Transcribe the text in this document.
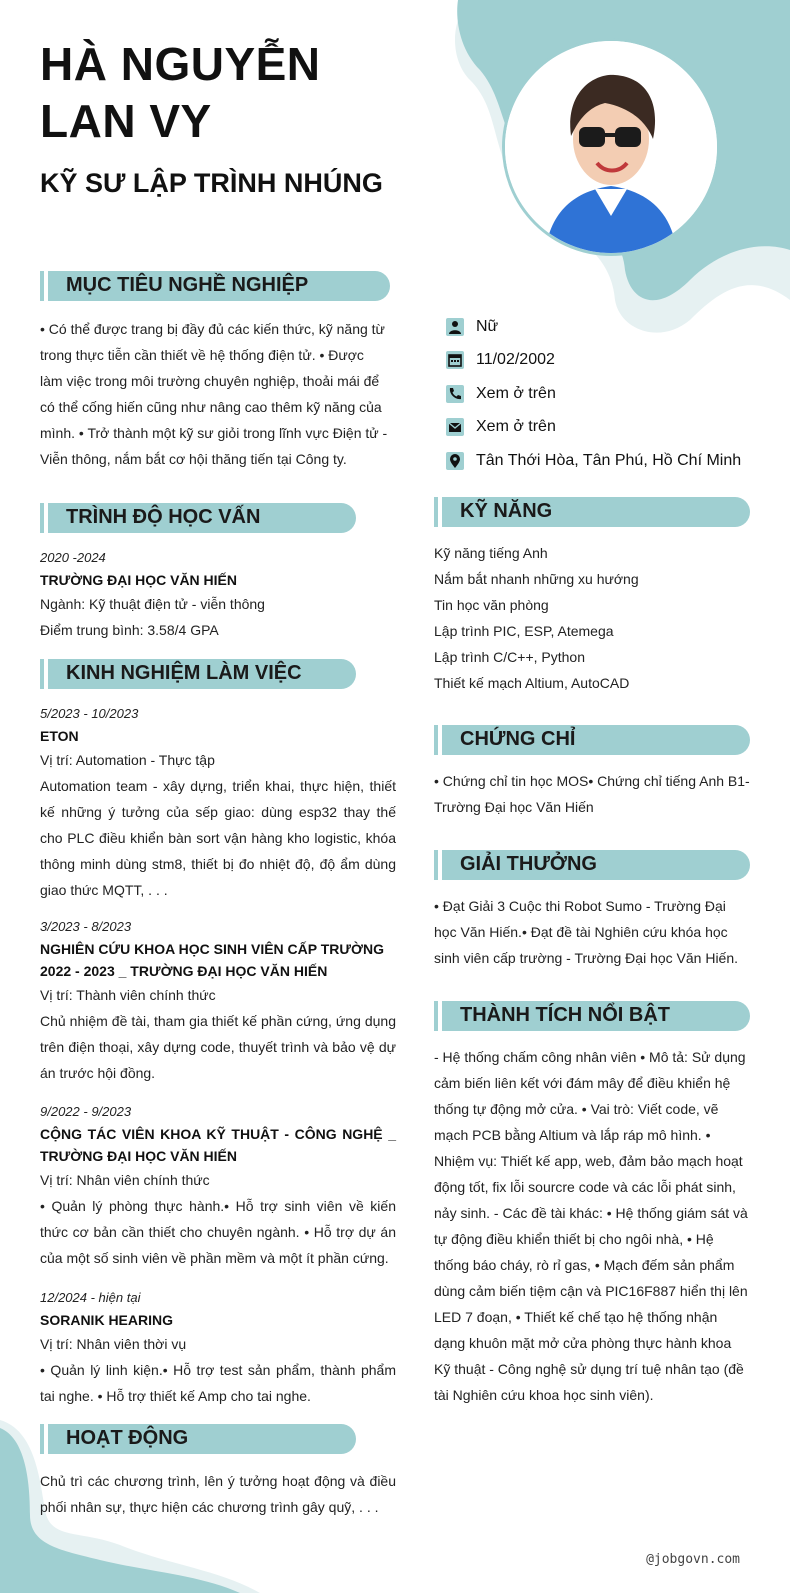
HÀ NGUYỄN LAN VY
KỸ SƯ LẬP TRÌNH NHÚNG
MỤC TIÊU NGHỀ NGHIỆP

• Có thể được trang bị đầy đủ các kiến thức, kỹ năng từ trong thực tiễn cần thiết về hệ thống điện tử. • Được làm việc trong môi trường chuyên nghiệp, thoải mái để có thể cống hiến cũng như nâng cao thêm kỹ năng của mình. • Trở thành một kỹ sư giỏi trong lĩnh vực Điện tử - Viễn thông, nắm bắt cơ hội thăng tiến tại Công ty.

TRÌNH ĐỘ HỌC VẤN
2020 -2024
TRƯỜNG ĐẠI HỌC VĂN HIẾN
Ngành: Kỹ thuật điện tử - viễn thông
Điểm trung bình: 3.58/4 GPA
KINH NGHIỆM LÀM VIỆC
5/2023 - 10/2023
ETON
Vị trí: Automation - Thực tập
Automation team - xây dựng, triển khai, thực hiện, thiết kế những ý tưởng của sếp giao: dùng esp32 thay thế cho PLC điều khiển bàn sort vận hàng kho logistic, khóa thông minh dùng stm8, thiết bị đo nhiệt độ, độ ẩm dùng giao thức MQTT, . . .
3/2023 - 8/2023
NGHIÊN CỨU KHOA HỌC SINH VIÊN CẤP TRƯỜNG 2022 - 2023 _ TRƯỜNG ĐẠI HỌC VĂN HIẾN
Vị trí: Thành viên chính thức
Chủ nhiệm đề tài, tham gia thiết kế phần cứng, ứng dụng trên điện thoại, xây dựng code, thuyết trình và bảo vệ dự án trước hội đồng.
9/2022 - 9/2023
CỘNG TÁC VIÊN KHOA KỸ THUẬT - CÔNG NGHỆ _ TRƯỜNG ĐẠI HỌC VĂN HIẾN
Vị trí: Nhân viên chính thức
• Quản lý phòng thực hành.• Hỗ trợ sinh viên về kiến thức cơ bản cần thiết cho chuyên ngành. • Hỗ trợ dự án của một số sinh viên về phần mềm và một ít phần cứng.
12/2024 - hiện tại
SORANIK HEARING
Vị trí: Nhân viên thời vụ
• Quản lý linh kiện.• Hỗ trợ test sản phẩm, thành phẩm tai nghe. • Hỗ trợ thiết kế Amp cho tai nghe.
HOẠT ĐỘNG

Chủ trì các chương trình, lên ý tưởng hoạt động và điều phối nhân sự, thực hiện các chương trình gây quỹ, . . .

Nữ
11/02/2002
Xem ở trên
Xem ở trên
Tân Thới Hòa, Tân Phú, Hồ Chí Minh
KỸ NĂNG
Kỹ năng tiếng Anh
Nắm bắt nhanh những xu hướng
Tin học văn phòng
Lập trình PIC, ESP, Atemega
Lập trình C/C++, Python
Thiết kế mạch Altium, AutoCAD
CHỨNG CHỈ

• Chứng chỉ tin học MOS• Chứng chỉ tiếng Anh B1- Trường Đại học Văn Hiến

GIẢI THƯỞNG

• Đạt Giải 3 Cuộc thi Robot Sumo - Trường Đại học Văn Hiến.• Đạt đề tài Nghiên cứu khóa học sinh viên cấp trường - Trường Đại học Văn Hiến.

THÀNH TÍCH NỔI BẬT

- Hệ thống chấm công nhân viên • Mô tả: Sử dụng cảm biến liên kết với đám mây để điều khiển hệ thống tự động mở cửa. • Vai trò: Viết code, vẽ mạch PCB bằng Altium và lắp ráp mô hình. • Nhiệm vụ: Thiết kế app, web, đảm bảo mạch hoạt động tốt, fix lỗi sourcre code và các lỗi phát sinh, nảy sinh. - Các đề tài khác: • Hệ thống giám sát và tự động điều khiển thiết bị cho ngôi nhà, • Hệ thống báo cháy, rò rỉ gas, • Mạch đếm sản phẩm dùng cảm biến tiệm cận và PIC16F887 hiển thị lên LED 7 đoạn, • Thiết kế chế tạo hệ thống nhận dạng khuôn mặt mở cửa phòng thực hành khoa Kỹ thuật - Công nghệ sử dụng trí tuệ nhân tạo (đề tài Nghiên cứu khoa học sinh viên).

@jobgovn.com
